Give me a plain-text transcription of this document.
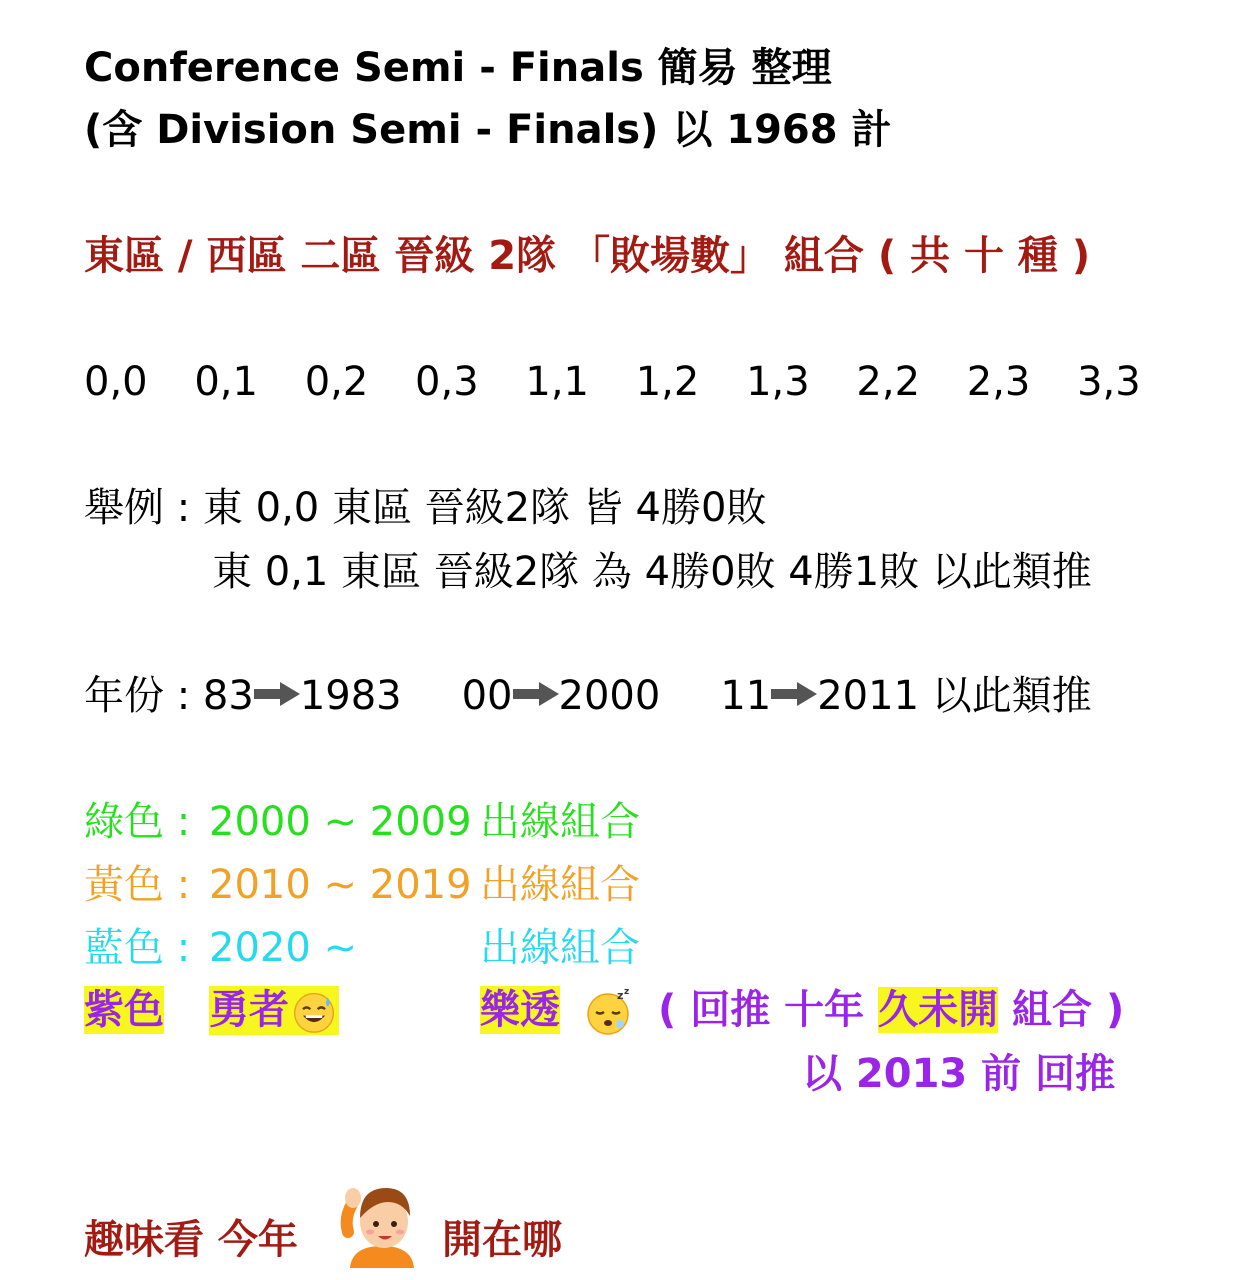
Conference Semi - Finals 簡易 整理
(含 Division Semi - Finals) 以 1968 計
東區 / 西區 二區 晉級 2隊 「敗場數」 組合 ( 共 十 種 )
0,0 0,1 0,2 0,3 1,1 1,2 1,3 2,2 2,3 3,3
舉例 : 東 0,0 東區 晉級2隊 皆 4勝0敗
東 0,1 東區 晉級2隊 為 4勝0敗 4勝1敗 以此類推
年份 : 83 1983 00 2000 11 2011 以此類推
綠色 : 2000 ~ 2009 出線組合
黃色 : 2010 ~ 2019 出線組合
藍色 : 2020 ~	出線組合
紫色 勇者	樂透	z z ( 回推 十年 久未開 組合 )
以 2013 前 回推
趣味看 今年	開在哪
